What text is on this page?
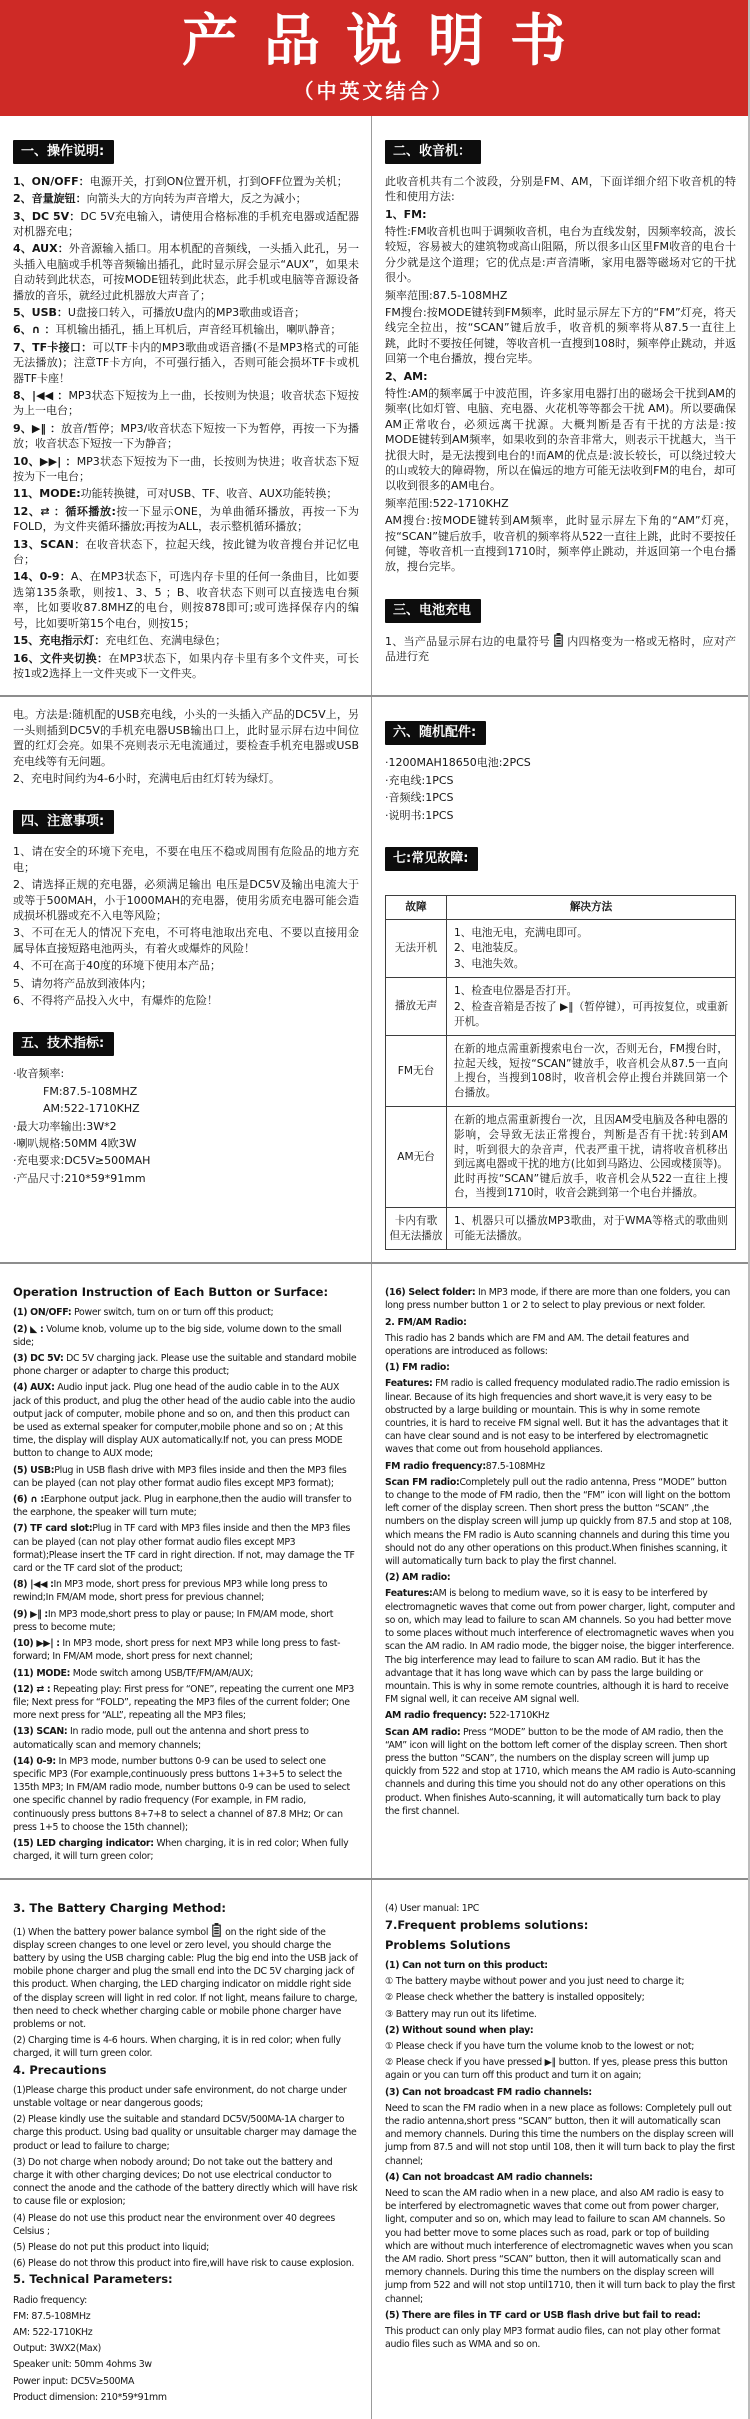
产品说明书
（中英文结合）
一、操作说明:

1、ON/OFF：电源开关，打到ON位置开机，打到OFF位置为关机；

2、音量旋钮：向箭头大的方向转为声音增大，反之为减小；

3、DC 5V：DC 5V充电输入，请使用合格标准的手机充电器或适配器对机器充电；

4、AUX：外音源输入插口。用本机配的音频线，一头插入此孔，另一头插入电脑或手机等音频输出插孔，此时显示屏会显示“AUX”，如果未自动转到此状态，可按MODE钮转到此状态，此手机或电脑等音源设备播放的音乐，就经过此机器放大声音了；

5、USB：U盘接口转入，可播放U盘内的MP3歌曲或语音；

6、∩ ：耳机输出插孔，插上耳机后，声音经耳机输出，喇叭静音；

7、TF卡接口：可以TF卡内的MP3歌曲或语音播(不是MP3格式的可能无法播放)；注意TF卡方向，不可强行插入，否则可能会损坏TF卡或机器TF卡座！

8、|◀◀ ：MP3状态下短按为上一曲，长按则为快退；收音状态下短按为上一电台；

9、▶‖ ：放音/暂停；MP3/收音状态下短按一下为暂停，再按一下为播放；收音状态下短按一下为静音；

10、▶▶| ：MP3状态下短按为下一曲，长按则为快进；收音状态下短按为下一电台；

11、MODE:功能转换键，可对USB、TF、收音、AUX功能转换；

12、⇄ ：循环播放:按一下显示ONE，为单曲循环播放，再按一下为FOLD，为文件夹循环播放;再按为ALL，表示整机循环播放；

13、SCAN：在收音状态下，拉起天线，按此键为收音搜台并记忆电台；

14、0-9：A、在MP3状态下，可选内存卡里的任何一条曲目，比如要选第135条歌，则按1、3、5 ；B、收音状态下则可以直接选电台频率，比如要收87.8MHZ的电台，则按878即可;或可选择保存内的编号，比如要听第15个电台，则按15；

15、充电指示灯：充电红色、充满电绿色；

16、文件夹切换：在MP3状态下，如果内存卡里有多个文件夹，可长按1或2选择上一文件夹或下一文件夹。

二、收音机：

此收音机共有二个波段，分别是FM、AM，下面详细介绍下收音机的特性和使用方法:

1、FM:

特性:FM收音机也叫于调频收音机，电台为直线发射，因频率较高，波长较短，容易被大的建筑物或高山阻隔，所以很多山区里FM收音的电台十分少就是这个道理；它的优点是:声音清晰，家用电器等磁场对它的干扰很小。

频率范围:87.5-108MHZ

FM搜台:按MODE键转到FM频率，此时显示屏左下方的“FM”灯亮，将天线完全拉出，按“SCAN”键后放手，收音机的频率将从87.5一直往上跳，此时不要按任何键，等收音机一直搜到108时，频率停止跳动，并返回第一个电台播放，搜台完毕。

2、AM:

特性:AM的频率属于中波范围，许多家用电器打出的磁场会干扰到AM的频率(比如灯管、电脑、充电器、火花机等等都会干扰 AM)。所以要确保AM正常收台，必须远离干扰源。大概判断是否有干扰的方法是:按MODE键转到AM频率，如果收到的杂音非常大，则表示干扰越大，当干扰很大时，是无法搜到电台的!而AM的优点是:波长较长，可以绕过较大的山或较大的障碍物，所以在偏远的地方可能无法收到FM的电台，却可以收到很多的AM电台。

频率范围:522-1710KHZ

AM搜台:按MODE键转到AM频率，此时显示屏左下角的“AM”灯亮，按“SCAN”键后放手，收音机的频率将从522一直往上跳，此时不要按任何键，等收音机一直搜到1710时，频率停止跳动，并返回第一个电台播放，搜台完毕。

三、电池充电

1、当产品显示屏右边的电量符号 内四格变为一格或无格时，应对产品进行充

电。方法是:随机配的USB充电线，小头的一头插入产品的DC5V上，另一头则插到DC5V的手机充电器USB输出口上，此时显示屏右边中间位置的红灯会亮。如果不亮则表示无电流通过，要检查手机充电器或USB充电线等有无问题。

2、充电时间约为4-6小时，充满电后由红灯转为绿灯。

四、注意事项:

1、请在安全的环境下充电，不要在电压不稳或周围有危险品的地方充电；

2、请选择正规的充电器，必须满足输出 电压是DC5V及输出电流大于或等于500MAH，小于1000MAH的充电器，使用劣质充电器可能会造成损坏机器或充不入电等风险；

3、不可在无人的情况下充电，不可将电池取出充电、不要以直接用金属导体直接短路电池两头，有着火或爆炸的风险！

4、不可在高于40度的环境下使用本产品；

5、请勿将产品放到液体内；

6、不得将产品投入火中，有爆炸的危险！

五、技术指标:

·收音频率:

FM:87.5-108MHZ

AM:522-1710KHZ

·最大功率输出:3W*2

·喇叭规格:50MM 4欧3W

·充电要求:DC5V≥500MAH

·产品尺寸:210*59*91mm

六、随机配件:

·1200MAH18650电池:2PCS

·充电线:1PCS

·音频线:1PCS

·说明书:1PCS

七:常见故障:
故障	解决方法
无法开机	1、电池无电，充满电即可。
2、电池装反。
3、电池失效。

播放无声	1、检查电位器是否打开。
2、检查音箱是否按了 ▶‖（暂停键），可再按复位，或重新开机。

FM无台	在新的地点需重新搜索电台一次，否则无台，FM搜台时，拉起天线，短按“SCAN”键放手，收音机会从87.5一直向上搜台，当搜到108时，收音机会停止搜台并跳回第一个台播放。

AM无台	在新的地点需重新搜台一次，且因AM受电脑及各种电器的影响，会导致无法正常搜台，判断是否有干扰:转到AM时，听到很大的杂音声，代表严重干扰，请将收音机移出到远离电器或干扰的地方(比如到马路边、公园或楼顶等)。此时再按“SCAN”键后放手，收音机会从522一直往上搜台，当搜到1710时，收音会跳到第一个电台并播放。

卡内有歌 但无法播放	1、机器只可以播放MP3歌曲，对于WMA等格式的歌曲则可能无法播放。

Operation Instruction of Each Button or Surface:

(1) ON/OFF: Power switch, turn on or turn off this product;

(2) ◣ : Volume knob, volume up to the big side, volume down to the small side;

(3) DC 5V: DC 5V charging jack. Please use the suitable and standard mobile phone charger or adapter to charge this product;

(4) AUX: Audio input jack. Plug one head of the audio cable in to the AUX jack of this product, and plug the other head of the audio cable into the audio output jack of computer, mobile phone and so on, and then this product can be used as external speaker for computer,mobile phone and so on ; At this time, the display will display AUX automatically.If not, you can press MODE button to change to AUX mode;

(5) USB:Plug in USB flash drive with MP3 files inside and then the MP3 files can be played (can not play other format audio files except MP3 format);

(6) ∩ :Earphone output jack. Plug in earphone,then the audio will transfer to the earphone, the speaker will turn mute;

(7) TF card slot:Plug in TF card with MP3 files inside and then the MP3 files can be played (can not play other format audio files except MP3 format);Please insert the TF card in right direction. If not, may damage the TF card or the TF card slot of the product;

(8) |◀◀ :In MP3 mode, short press for previous MP3 while long press to rewind;In FM/AM mode, short press for previous channel;

(9) ▶‖ :In MP3 mode,short press to play or pause; In FM/AM mode, short press to become mute;

(10) ▶▶| : In MP3 mode, short press for next MP3 while long press to fast-forward; In FM/AM mode, short press for next channel;

(11) MODE: Mode switch among USB/TF/FM/AM/AUX;

(12) ⇄ : Repeating play: First press for “ONE”, repeating the current one MP3 file; Next press for “FOLD”, repeating the MP3 files of the current folder; One more next press for “ALL”, repeating all the MP3 files;

(13) SCAN: In radio mode, pull out the antenna and short press to automatically scan and memory channels;

(14) 0-9: In MP3 mode, number buttons 0-9 can be used to select one specific MP3 (For example,continuously press buttons 1+3+5 to select the 135th MP3; In FM/AM radio mode, number buttons 0-9 can be used to select one specific channel by radio frequency (For example, in FM radio, continuously press buttons 8+7+8 to select a channel of 87.8 MHz; Or can press 1+5 to choose the 15th channel);

(15) LED charging indicator: When charging, it is in red color; When fully charged, it will turn green color;

(16) Select folder: In MP3 mode, if there are more than one folders, you can long press number button 1 or 2 to select to play previous or next folder.

2. FM/AM Radio:

This radio has 2 bands which are FM and AM. The detail features and operations are introduced as follows:

(1) FM radio:

Features: FM radio is called frequency modulated radio.The radio emission is linear. Because of its high frequencies and short wave,it is very easy to be obstructed by a large building or mountain. This is why in some remote countries, it is hard to receive FM signal well. But it has the advantages that it can have clear sound and is not easy to be interfered by electromagnetic waves that come out from household appliances.

FM radio frequency:87.5-108MHz

Scan FM radio:Completely pull out the radio antenna, Press “MODE” button to change to the mode of FM radio, then the “FM” icon will light on the bottom left corner of the display screen. Then short press the button “SCAN” ,the numbers on the display screen will jump up quickly from 87.5 and stop at 108, which means the FM radio is Auto scanning channels and during this time you should not do any other operations on this product.When finishes scanning, it will automatically turn back to play the first channel.

(2) AM radio:

Features:AM is belong to medium wave, so it is easy to be interfered by electromagnetic waves that come out from power charger, light, computer and so on, which may lead to failure to scan AM channels. So you had better move to some places without much interference of electromagnetic waves when you scan the AM radio. In AM radio mode, the bigger noise, the bigger interference. The big interference may lead to failure to scan AM radio. But it has the advantage that it has long wave which can by pass the large building or mountain. This is why in some remote countries, although it is hard to receive FM signal well, it can receive AM signal well.

AM radio frequency: 522-1710KHz

Scan AM radio: Press “MODE” button to be the mode of AM radio, then the “AM” icon will light on the bottom left corner of the display screen. Then short press the button “SCAN”, the numbers on the display screen will jump up quickly from 522 and stop at 1710, which means the AM radio is Auto-scanning channels and during this time you should not do any other operations on this product. When finishes Auto-scanning, it will automatically turn back to play the first channel.

3. The Battery Charging Method:

(1) When the battery power balance symbol on the right side of the display screen changes to one level or zero level, you should charge the battery by using the USB charging cable: Plug the big end into the USB jack of mobile phone charger and plug the small end into the DC 5V charging jack of this product. When charging, the LED charging indicator on middle right side of the display screen will light in red color. If not light, means failure to charge, then need to check whether charging cable or mobile phone charger have problems or not.

(2) Charging time is 4-6 hours. When charging, it is in red color; when fully charged, it will turn green color.

4. Precautions

(1)Please charge this product under safe environment, do not charge under unstable voltage or near dangerous goods;

(2) Please kindly use the suitable and standard DC5V/500MA-1A charger to charge this product. Using bad quality or unsuitable charger may damage the product or lead to failure to charge;

(3) Do not charge when nobody around; Do not take out the battery and charge it with other charging devices; Do not use electrical conductor to connect the anode and the cathode of the battery directly which will have risk to cause file or explosion;

(4) Please do not use this product near the environment over 40 degrees Celsius ;

(5) Please do not put this product into liquid;

(6) Please do not throw this product into fire,will have risk to cause explosion.

5. Technical Parameters:

Radio frequency:

FM: 87.5-108MHz

AM: 522-1710KHz

Output: 3WX2(Max)

Speaker unit: 50mm 4ohms 3w

Power input: DC5V≥500MA

Product dimension: 210*59*91mm

(4) User manual: 1PC

7.Frequent problems solutions:

Problems Solutions

(1) Can not turn on this product:

① The battery maybe without power and you just need to charge it;

② Please check whether the battery is installed oppositely;

③ Battery may run out its lifetime.

(2) Without sound when play:

① Please check if you have turn the volume knob to the lowest or not;

② Please check if you have pressed ▶‖ button. If yes, please press this button again or you can turn off this product and turn it on again;

(3) Can not broadcast FM radio channels:

Need to scan the FM radio when in a new place as follows: Completely pull out the radio antenna,short press “SCAN” button, then it will automatically scan and memory channels. During this time the numbers on the display screen will jump from 87.5 and will not stop until 108, then it will turn back to play the first channel;

(4) Can not broadcast AM radio channels:

Need to scan the AM radio when in a new place, and also AM radio is easy to be interfered by electromagnetic waves that come out from power charger, light, computer and so on, which may lead to failure to scan AM channels. So you had better move to some places such as road, park or top of building which are without much interference of electromagnetic waves when you scan the AM radio. Short press “SCAN” button, then it will automatically scan and memory channels. During this time the numbers on the display screen will jump from 522 and will not stop until1710, then it will turn back to play the first channel;

(5) There are files in TF card or USB flash drive but fail to read:

This product can only play MP3 format audio files, can not play other format audio files such as WMA and so on.
